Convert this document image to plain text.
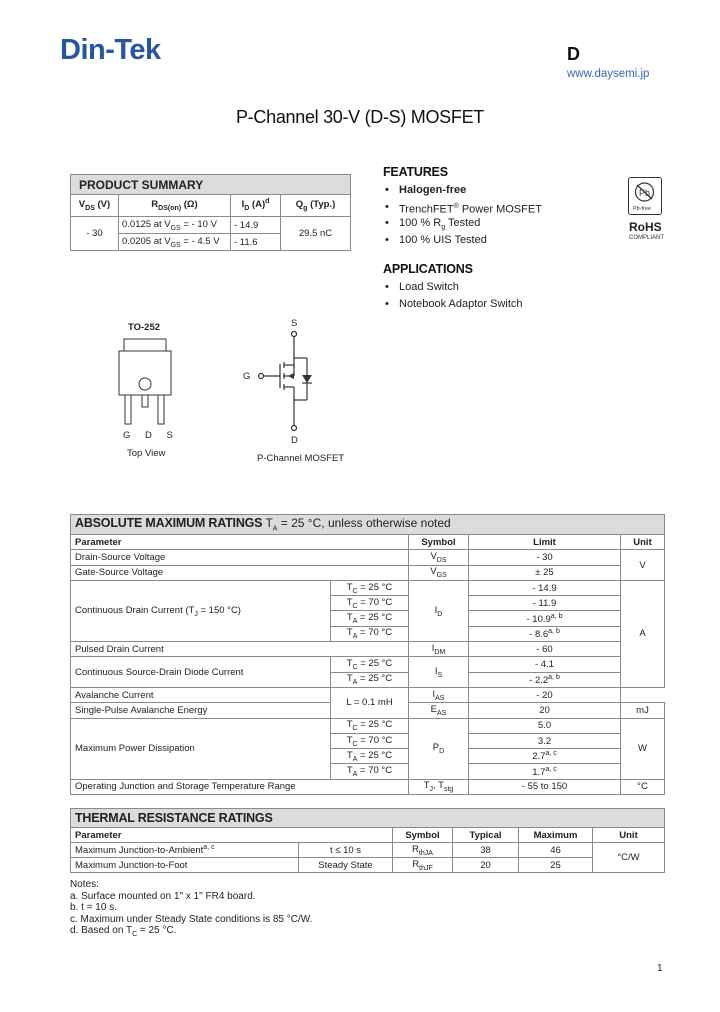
Din-Tek	D
www.daysemi.jp
P-Channel 30-V (D-S) MOSFET
PRODUCT SUMMARY			
$V_{DS}$ (V)	$R_{DS(on)}$ (Ω)	$I_D$ $(A)^d$	$Q_g$ (Typ.)
- 30	0.0125 at $V_{GS}$ = - 10 V	- 14.9	29.5 nC
	0.0205 at $V_{GS}$ = - 4.5 V	- 11.6	
FEATURES
• Halogen-free
• TrenchFET® Power MOSFET
• 100 % $R_g$ Tested
• 100 % UIS Tested
APPLICATIONS
• Load Switch
• Notebook Adaptor Switch
Pb
Pb-free
RoHS
COMPLIANT
TO-252
G D S
Top View
S
G
D
P-Channel MOSFET
ABSOLUTE MAXIMUM RATINGS $T_A = 25$ °C, unless otherwise noted				
Parameter		Symbol	Limit	Unit
Drain-Source Voltage		$V_{DS}$	- 30	V
Gate-Source Voltage		$V_{GS}$	± 25	
Continuous Drain Current ($T_J = 150$ °C)	$T_C = 25$ °C	$I_D$	- 14.9	A
	$T_C = 70$ °C		- 11.9	
	$T_A = 25$ °C		- 10.9$^{a, b}$
	$T_A = 70$ °C		- 8.6$^{a, b}$
Pulsed Drain Current		$I_{DM}$	- 60	
Continuous Source-Drain Diode Current	$T_C = 25$ °C	$I_S$	- 4.1	
	$T_A = 25$ °C		- 2.2$^{a, b}$
Avalanche Current	L = 0.1 mH	$I_{AS}$	- 20	
Single-Pulse Avalanche Energy		$E_{AS}$	20	mJ
Maximum Power Dissipation	$T_C = 25$ °C	$P_D$	5.0	W
	$T_C = 70$ °C		3.2	
	$T_A = 25$ °C		2.7$^{a, c}$
	$T_A = 70$ °C		1.7$^{a, c}$
Operating Junction and Storage Temperature Range		$T_J$, $T_{stg}$	- 55 to 150	°C
THERMAL RESISTANCE RATINGS					
Parameter		Symbol	Typical	Maximum	Unit
Maximum Junction-to-Ambient$^{a, c}$	t ≤ 10 s	$R_{thJA}$	38	46	°C/W
Maximum Junction-to-Foot	Steady State	$R_{thJF}$	20	25	
Notes:
a. Surface mounted on 1" x 1" FR4 board.
b. t = 10 s.
c. Maximum under Steady State conditions is 85 °C/W.
d. Based on $T_C = 25$ °C.
1
